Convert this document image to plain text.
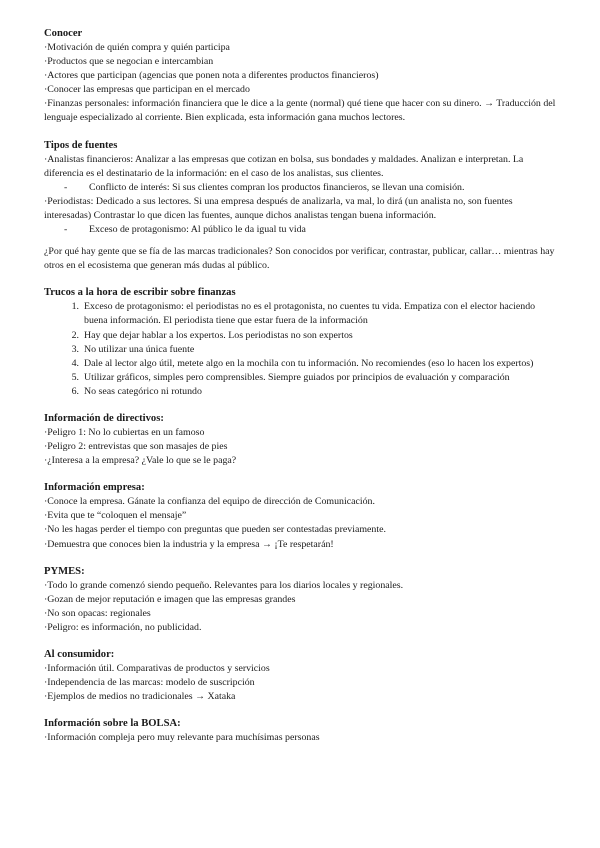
Conocer

·Motivación de quién compra y quién participa

·Productos que se negocian e intercambian

·Actores que participan (agencias que ponen nota a diferentes productos financieros)

·Conocer las empresas que participan en el mercado

·Finanzas personales: información financiera que le dice a la gente (normal) qué tiene que hacer con su dinero. → Traducción del lenguaje especializado al corriente. Bien explicada, esta información gana muchos lectores.

Tipos de fuentes

·Analistas financieros: Analizar a las empresas que cotizan en bolsa, sus bondades y maldades. Analizan e interpretan. La diferencia es el destinatario de la información: en el caso de los analistas, sus clientes.

-	Conflicto de interés: Si sus clientes compran los productos financieros, se llevan una comisión.

·Periodistas: Dedicado a sus lectores. Si una empresa después de analizarla, va mal, lo dirá (un analista no, son fuentes interesadas) Contrastar lo que dicen las fuentes, aunque dichos analistas tengan buena información.

-	Exceso de protagonismo: Al público le da igual tu vida

¿Por qué hay gente que se fía de las marcas tradicionales? Son conocidos por verificar, contrastar, publicar, callar… mientras hay otros en el ecosistema que generan más dudas al público.

Trucos a la hora de escribir sobre finanzas

1. Exceso de protagonismo: el periodistas no es el protagonista, no cuentes tu vida. Empatiza con el elector haciendo buena información. El periodista tiene que estar fuera de la información
2. Hay que dejar hablar a los expertos. Los periodistas no son expertos
3. No utilizar una única fuente
4. Dale al lector algo útil, metete algo en la mochila con tu información. No recomiendes (eso lo hacen los expertos)
5. Utilizar gráficos, simples pero comprensibles. Siempre guiados por principios de evaluación y comparación
6. No seas categórico ni rotundo

Información de directivos:

·Peligro 1: No lo cubiertas en un famoso

·Peligro 2: entrevistas que son masajes de pies

·¿Interesa a la empresa? ¿Vale lo que se le paga?

Información empresa:

·Conoce la empresa. Gánate la confianza del equipo de dirección de Comunicación.

·Evita que te “coloquen el mensaje”

·No les hagas perder el tiempo con preguntas que pueden ser contestadas previamente.

·Demuestra que conoces bien la industria y la empresa → ¡Te respetarán!

PYMES:

·Todo lo grande comenzó siendo pequeño. Relevantes para los diarios locales y regionales.

·Gozan de mejor reputación e imagen que las empresas grandes

·No son opacas: regionales

·Peligro: es información, no publicidad.

Al consumidor:

·Información útil. Comparativas de productos y servicios

·Independencia de las marcas: modelo de suscripción

·Ejemplos de medios no tradicionales → Xataka

Información sobre la BOLSA:

·Información compleja pero muy relevante para muchísimas personas
